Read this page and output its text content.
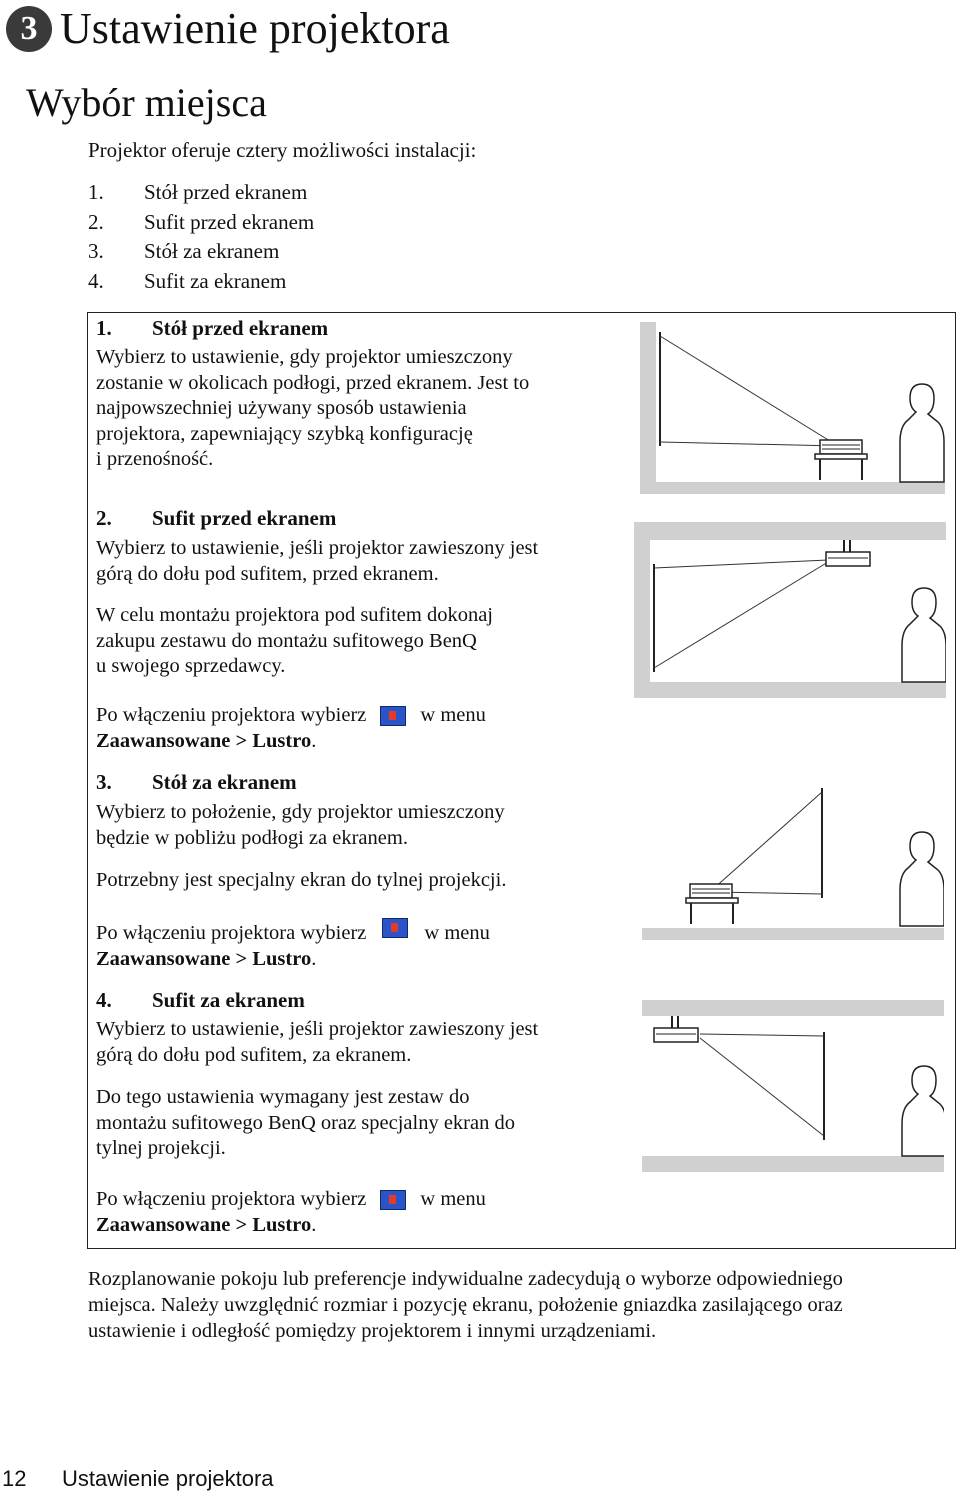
3 Ustawienie projektora
Wybór miejsca
Projektor oferuje cztery możliwości instalacji:
1. Stół przed ekranem
2. Sufit przed ekranem
3. Stół za ekranem
4. Sufit za ekranem
1. Stół przed ekranem
Wybierz to ustawienie, gdy projektor umieszczony
zostanie w okolicach podłogi, przed ekranem. Jest to
najpowszechniej używany sposób ustawienia
projektora, zapewniający szybką konfigurację
i przenośność.
2. Sufit przed ekranem
Wybierz to ustawienie, jeśli projektor zawieszony jest
górą do dołu pod sufitem, przed ekranem.
W celu montażu projektora pod sufitem dokonaj
zakupu zestawu do montażu sufitowego BenQ
u swojego sprzedawcy.
Po włączeniu projektora wybierz	w menu
Zaawansowane > Lustro.
3. Stół za ekranem
Wybierz to położenie, gdy projektor umieszczony
będzie w pobliżu podłogi za ekranem.
Potrzebny jest specjalny ekran do tylnej projekcji.
Po włączeniu projektora wybierz	w menu
Zaawansowane > Lustro.
4. Sufit za ekranem
Wybierz to ustawienie, jeśli projektor zawieszony jest
górą do dołu pod sufitem, za ekranem.
Do tego ustawienia wymagany jest zestaw do
montażu sufitowego BenQ oraz specjalny ekran do
tylnej projekcji.
Po włączeniu projektora wybierz	w menu
Zaawansowane > Lustro.
Rozplanowanie pokoju lub preferencje indywidualne zadecydują o wyborze odpowiedniego
miejsca. Należy uwzględnić rozmiar i pozycję ekranu, położenie gniazdka zasilającego oraz
ustawienie i odległość pomiędzy projektorem i innymi urządzeniami.
12 Ustawienie projektora
